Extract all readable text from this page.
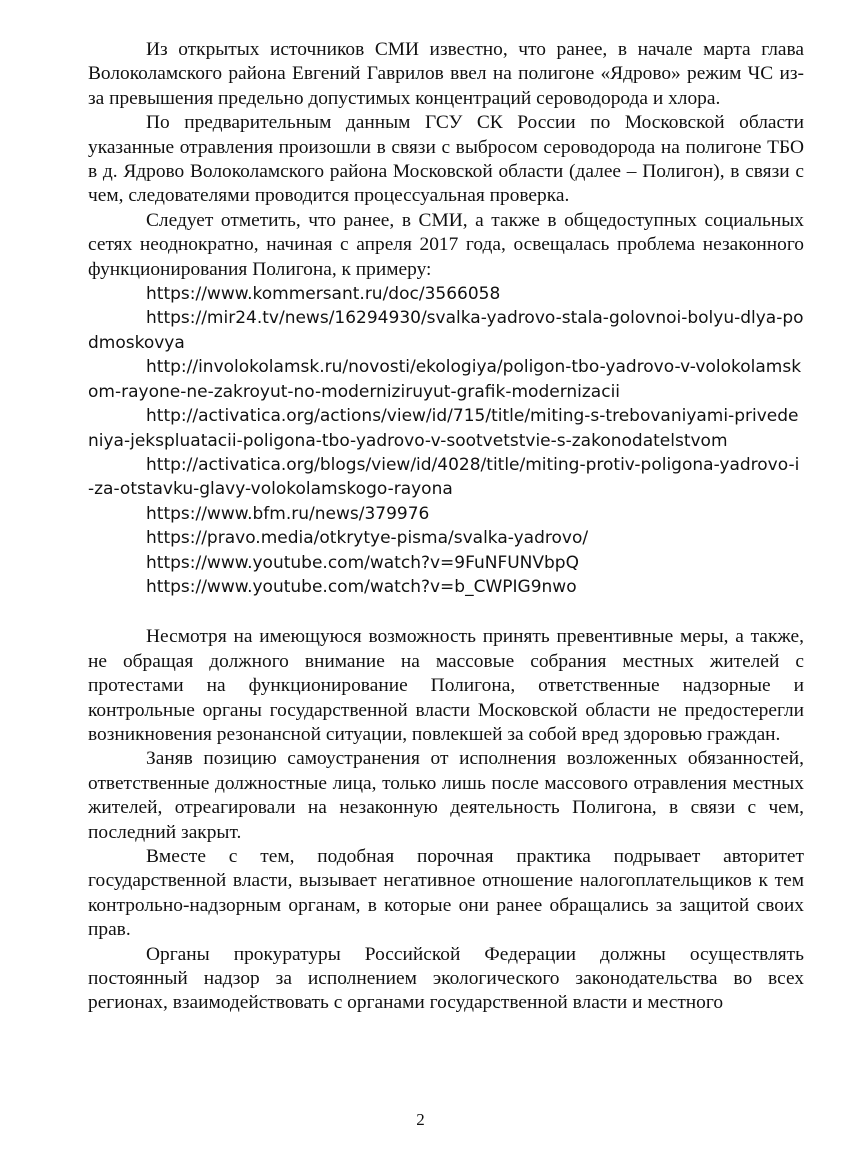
Из открытых источников СМИ известно, что ранее, в начале марта глава Волоколамского района Евгений Гаврилов ввел на полигоне «Ядрово» режим ЧС из-за превышения предельно допустимых концентраций сероводорода и хлора.

По предварительным данным ГСУ СК России по Московской области указанные отравления произошли в связи с выбросом сероводорода на полигоне ТБО в д. Ядрово Волоколамского района Московской области (далее – Полигон), в связи с чем, следователями проводится процессуальная проверка.

Следует отметить, что ранее, в СМИ, а также в общедоступных социальных сетях неоднократно, начиная с апреля 2017 года, освещалась проблема незаконного функционирования Полигона, к примеру:

https://www.kommersant.ru/doc/3566058
https://mir24.tv/news/16294930/svalka-yadrovo-stala-golovnoi-bolyu-dlya-podmoskovya
http://involokolamsk.ru/novosti/ekologiya/poligon-tbo-yadrovo-v-volokolamskom-rayone-ne-zakroyut-no-moderniziruyut-grafik-modernizacii
http://activatica.org/actions/view/id/715/title/miting-s-trebovaniyami-privedeniya-jekspluatacii-poligona-tbo-yadrovo-v-sootvetstvie-s-zakonodatelstvom
http://activatica.org/blogs/view/id/4028/title/miting-protiv-poligona-yadrovo-i-za-otstavku-glavy-volokolamskogo-rayona
https://www.bfm.ru/news/379976
https://pravo.media/otkrytye-pisma/svalka-yadrovo/
https://www.youtube.com/watch?v=9FuNFUNVbpQ
https://www.youtube.com/watch?v=b_CWPIG9nwo

Несмотря на имеющуюся возможность принять превентивные меры, а также, не обращая должного внимание на массовые собрания местных жителей с протестами на функционирование Полигона, ответственные надзорные и контрольные органы государственной власти Московской области не предостерегли возникновения резонансной ситуации, повлекшей за собой вред здоровью граждан.

Заняв позицию самоустранения от исполнения возложенных обязанностей, ответственные должностные лица, только лишь после массового отравления местных жителей, отреагировали на незаконную деятельность Полигона, в связи с чем, последний закрыт.

Вместе с тем, подобная порочная практика подрывает авторитет государственной власти, вызывает негативное отношение налогоплательщиков к тем контрольно-надзорным органам, в которые они ранее обращались за защитой своих прав.

Органы прокуратуры Российской Федерации должны осуществлять постоянный надзор за исполнением экологического законодательства во всех регионах, взаимодействовать с органами государственной власти и местного

2
